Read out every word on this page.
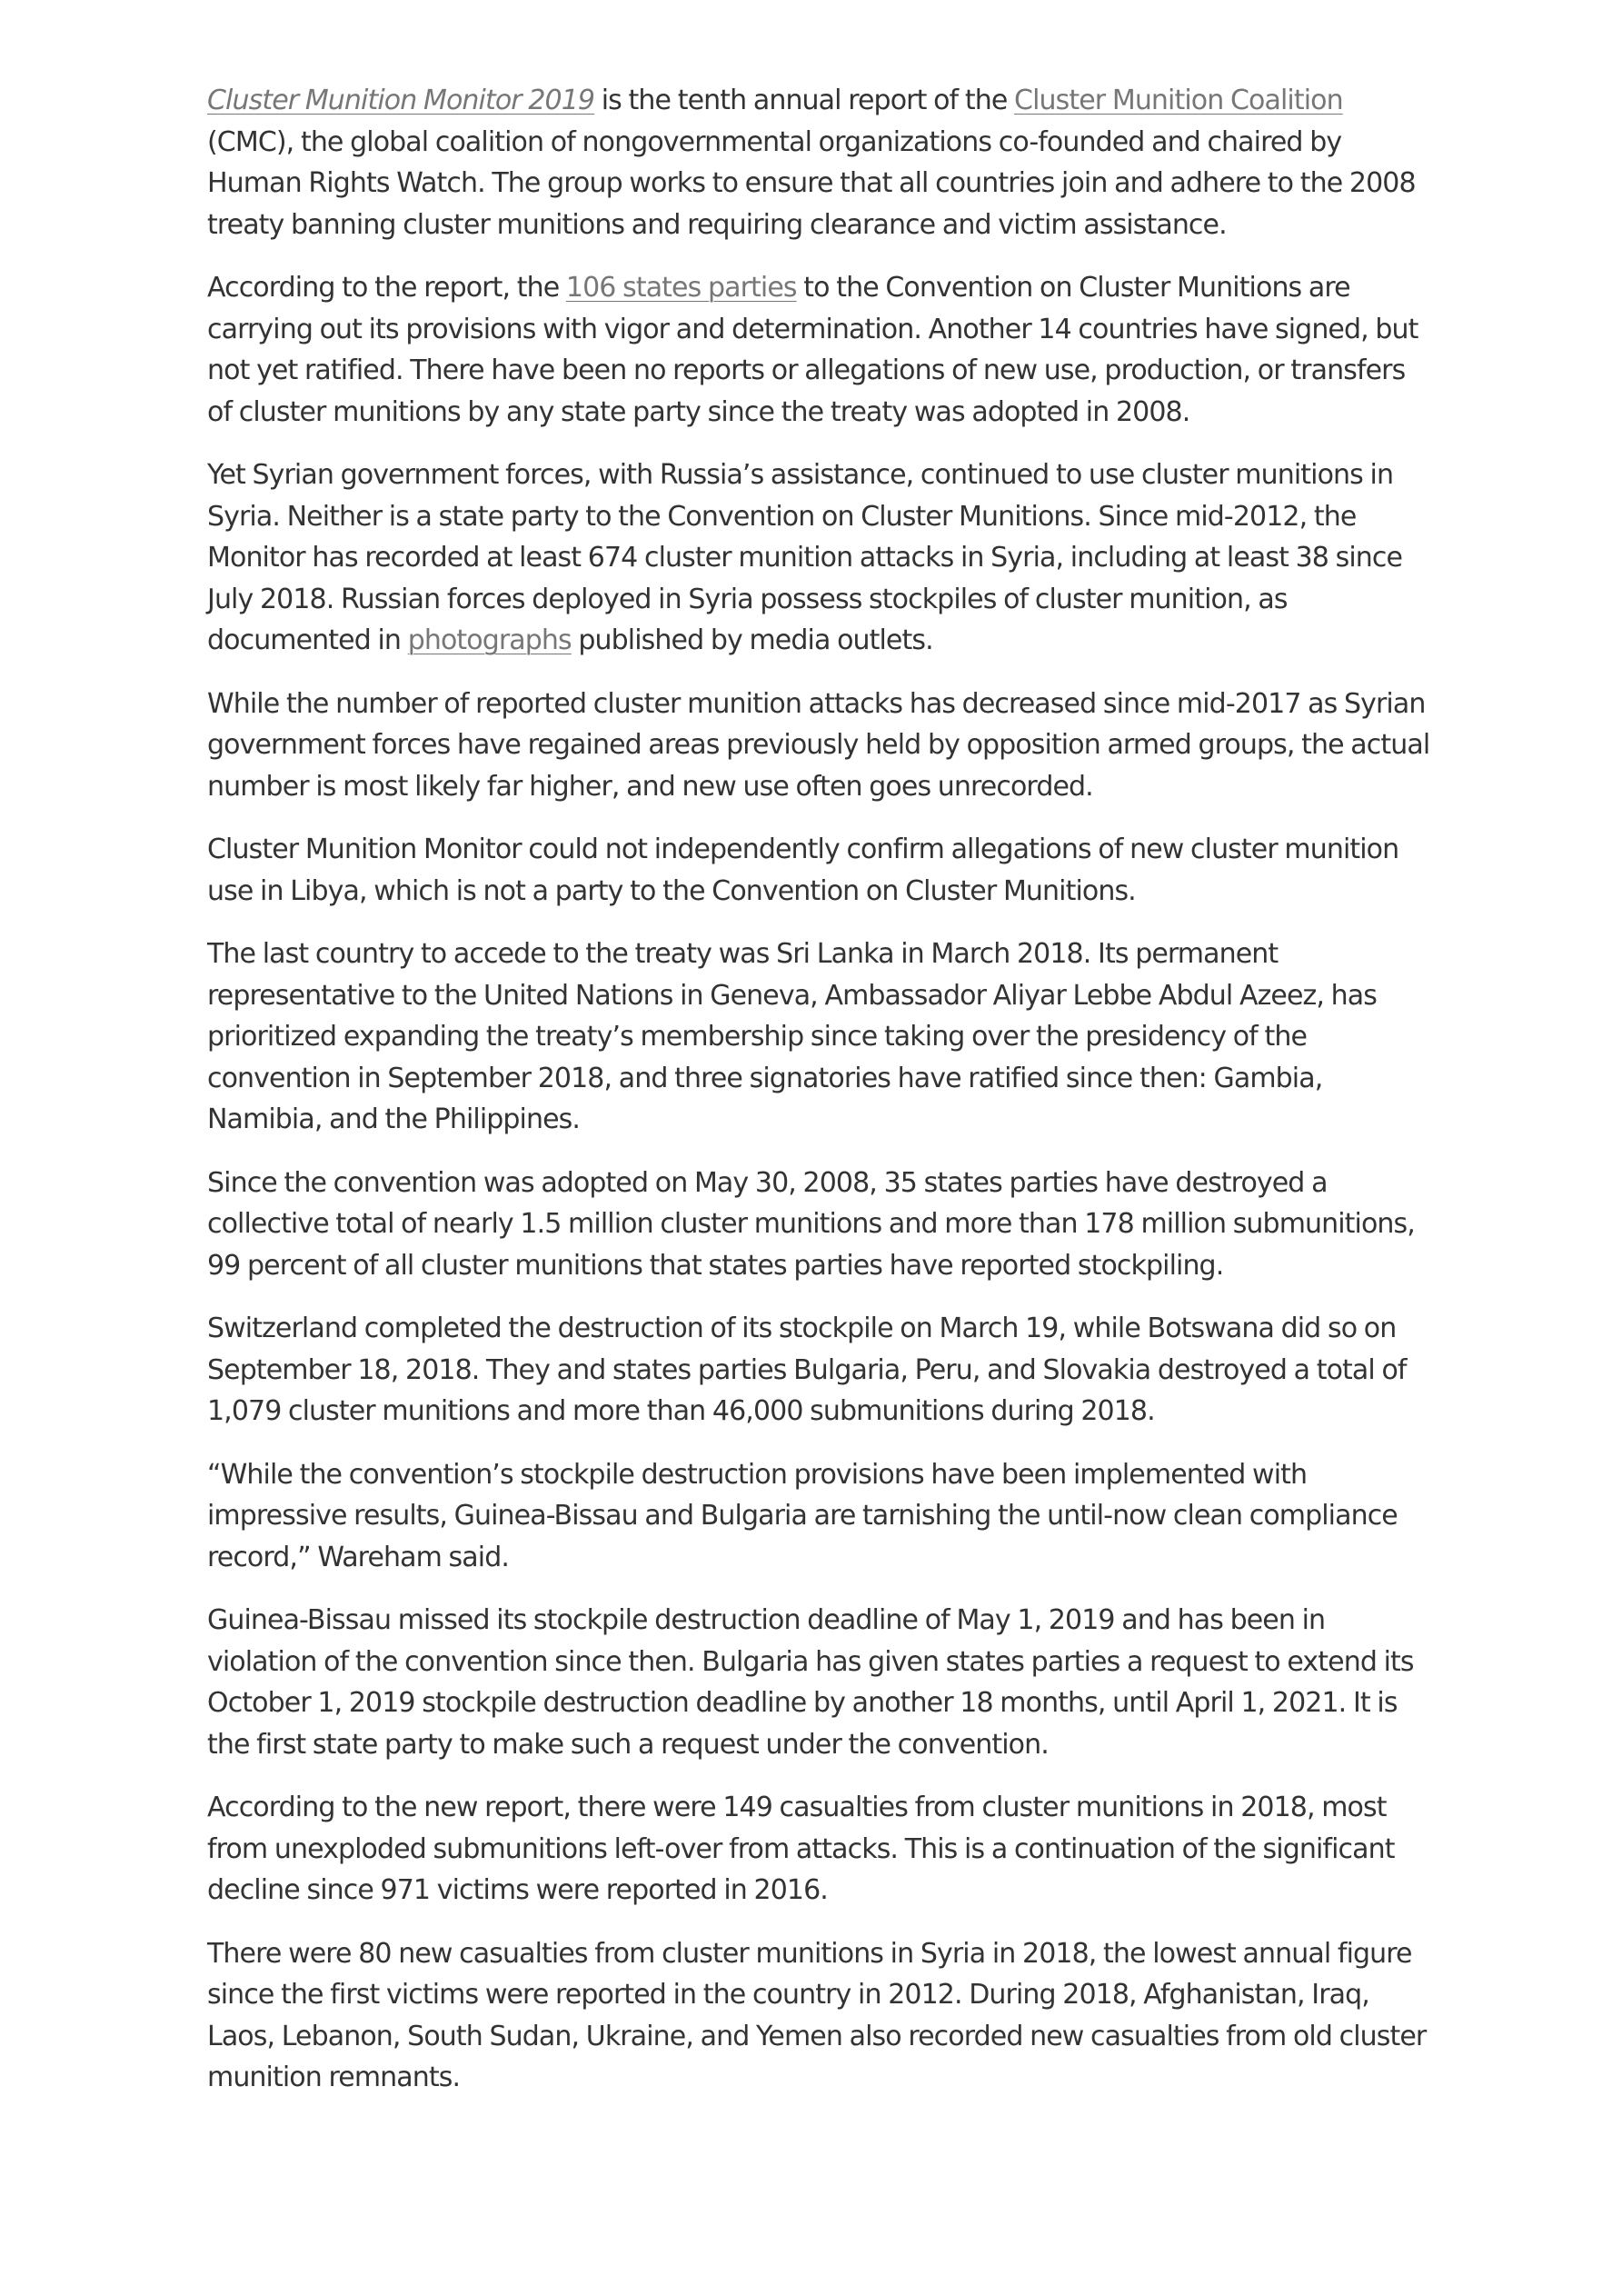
Cluster Munition Monitor 2019 is the tenth annual report of the Cluster Munition Coalition (CMC), the global coalition of nongovernmental organizations co-founded and chaired by Human Rights Watch. The group works to ensure that all countries join and adhere to the 2008 treaty banning cluster munitions and requiring clearance and victim assistance.

According to the report, the 106 states parties to the Convention on Cluster Munitions are carrying out its provisions with vigor and determination. Another 14 countries have signed, but not yet ratified. There have been no reports or allegations of new use, production, or transfers of cluster munitions by any state party since the treaty was adopted in 2008.

Yet Syrian government forces, with Russia’s assistance, continued to use cluster munitions in Syria. Neither is a state party to the Convention on Cluster Munitions. Since mid-2012, the Monitor has recorded at least 674 cluster munition attacks in Syria, including at least 38 since July 2018. Russian forces deployed in Syria possess stockpiles of cluster munition, as documented in photographs published by media outlets.

While the number of reported cluster munition attacks has decreased since mid-2017 as Syrian government forces have regained areas previously held by opposition armed groups, the actual number is most likely far higher, and new use often goes unrecorded.

Cluster Munition Monitor could not independently confirm allegations of new cluster munition use in Libya, which is not a party to the Convention on Cluster Munitions.

The last country to accede to the treaty was Sri Lanka in March 2018. Its permanent representative to the United Nations in Geneva, Ambassador Aliyar Lebbe Abdul Azeez, has prioritized expanding the treaty’s membership since taking over the presidency of the convention in September 2018, and three signatories have ratified since then: Gambia, Namibia, and the Philippines.

Since the convention was adopted on May 30, 2008, 35 states parties have destroyed a collective total of nearly 1.5 million cluster munitions and more than 178 million submunitions, 99 percent of all cluster munitions that states parties have reported stockpiling.

Switzerland completed the destruction of its stockpile on March 19, while Botswana did so on September 18, 2018. They and states parties Bulgaria, Peru, and Slovakia destroyed a total of 1,079 cluster munitions and more than 46,000 submunitions during 2018.

“While the convention’s stockpile destruction provisions have been implemented with impressive results, Guinea-Bissau and Bulgaria are tarnishing the until-now clean compliance record,” Wareham said.

Guinea-Bissau missed its stockpile destruction deadline of May 1, 2019 and has been in violation of the convention since then. Bulgaria has given states parties a request to extend its October 1, 2019 stockpile destruction deadline by another 18 months, until April 1, 2021. It is the first state party to make such a request under the convention.

According to the new report, there were 149 casualties from cluster munitions in 2018, most from unexploded submunitions left-over from attacks. This is a continuation of the significant decline since 971 victims were reported in 2016.

There were 80 new casualties from cluster munitions in Syria in 2018, the lowest annual figure since the first victims were reported in the country in 2012. During 2018, Afghanistan, Iraq, Laos, Lebanon, South Sudan, Ukraine, and Yemen also recorded new casualties from old cluster munition remnants.
